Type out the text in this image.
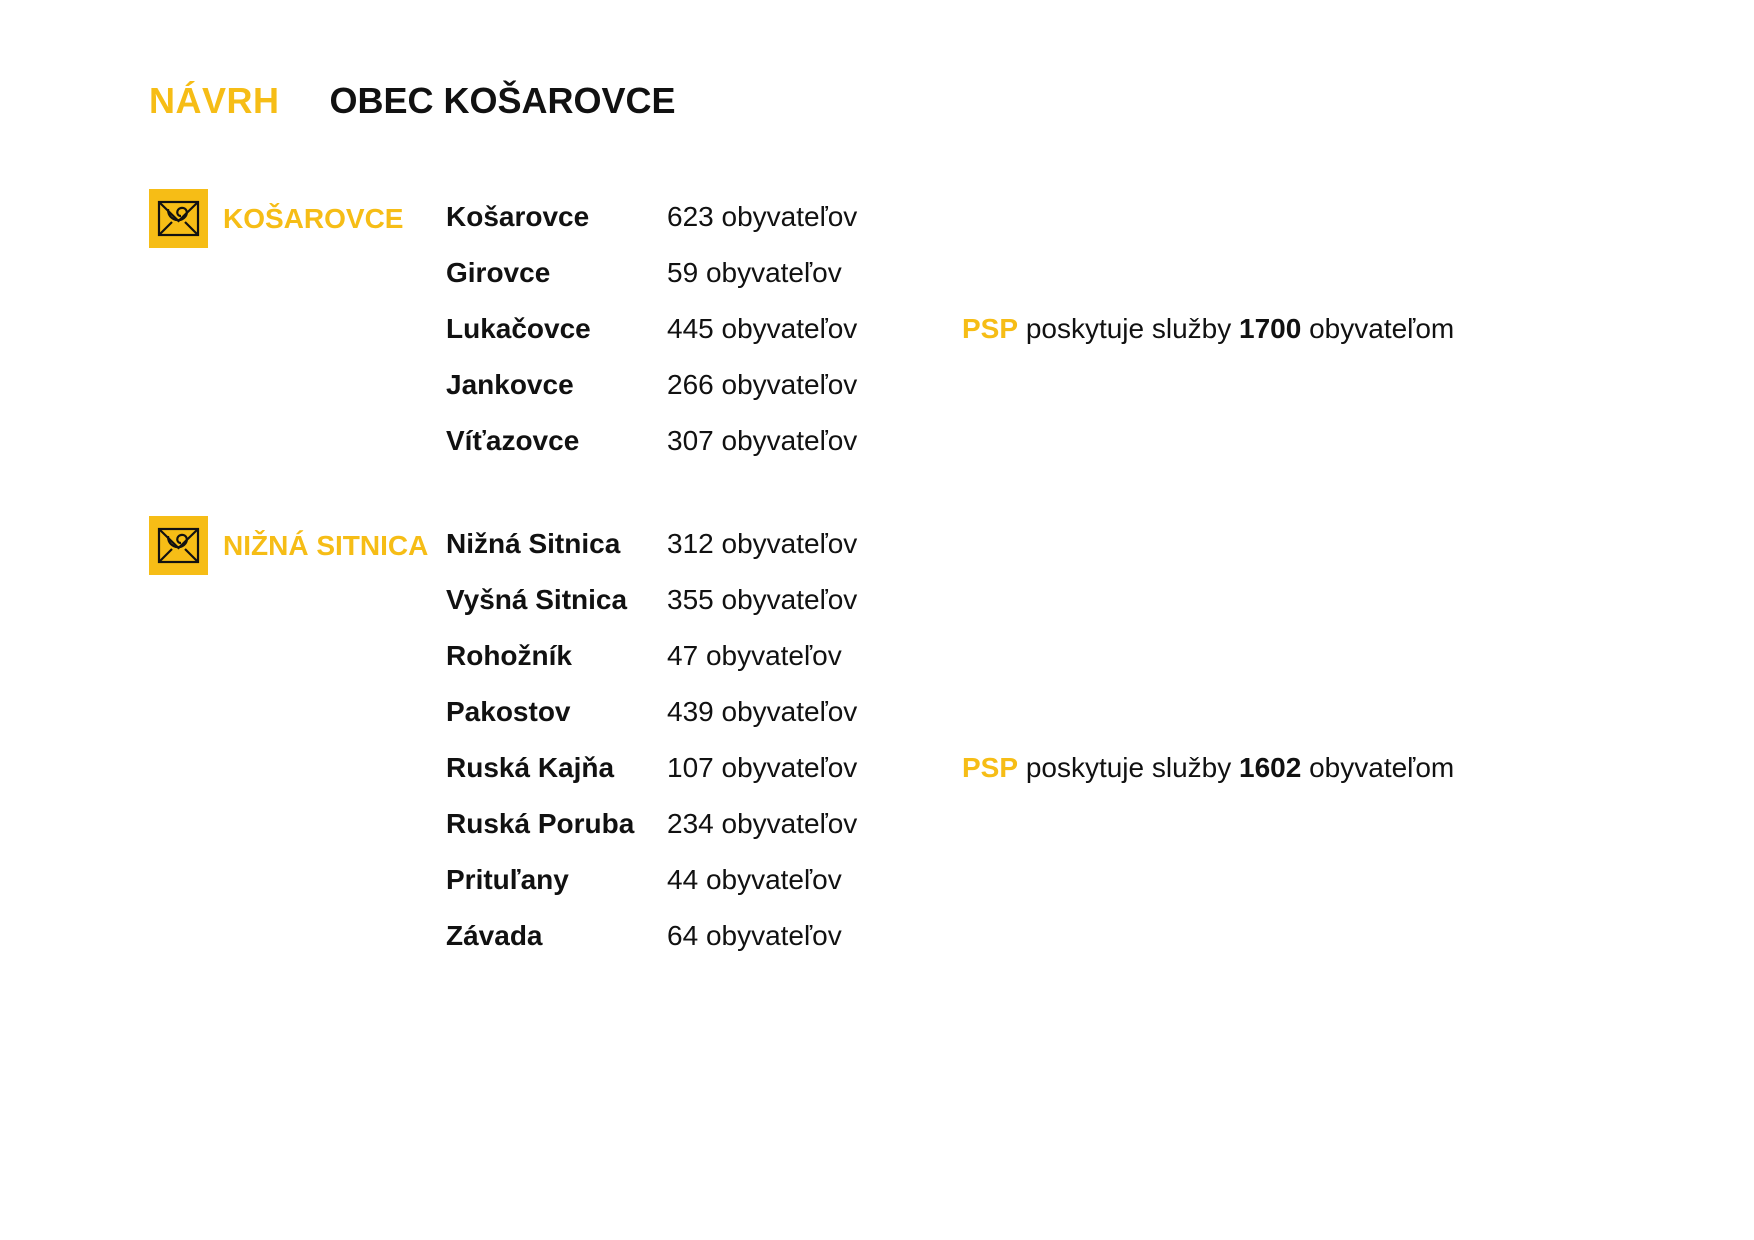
NÁVRH OBEC KOŠAROVCE
KOŠAROVCE Košarovce	623 obyvateľov
Girovce	59 obyvateľov
Lukačovce	445 obyvateľov	PSP poskytuje služby 1700 obyvateľom
Jankovce	266 obyvateľov
Víťazovce	307 obyvateľov
NIŽNÁ SITNICA Nižná Sitnica 312 obyvateľov
Vyšná Sitnica 355 obyvateľov
Rohožník	47 obyvateľov
Pakostov	439 obyvateľov
Ruská Kajňa 107 obyvateľov	PSP poskytuje služby 1602 obyvateľom
Ruská Poruba 234 obyvateľov
Prituľany	44 obyvateľov
Závada	64 obyvateľov
